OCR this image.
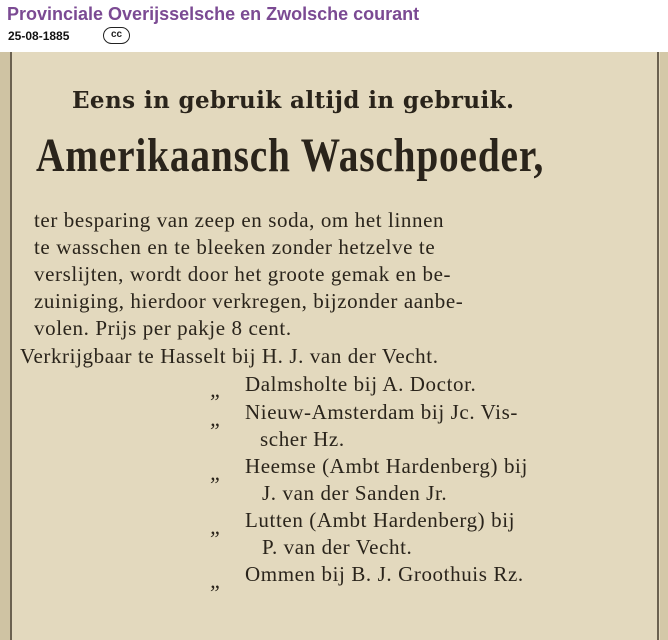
Provinciale Overijsselsche en Zwolsche courant
25-08-1885	cc
Eens in gebruik altijd in gebruik.
Amerikaansch Waschpoeder,
ter besparing van zeep en soda, om het linnen
te wasschen en te bleeken zonder hetzelve te
verslijten, wordt door het groote gemak en be-
zuiniging, hierdoor verkregen, bijzonder aanbe-
volen. Prijs per pakje 8 cent.
Verkrijgbaar te Hasselt bij H. J. van der Vecht.
„ Dalmsholte bij A. Doctor.
„ Nieuw-Amsterdam bij Jc. Vis-
scher Hz.
„ Heemse (Ambt Hardenberg) bij
J. van der Sanden Jr.
„ Lutten (Ambt Hardenberg) bij
P. van der Vecht.
„ Ommen bij B. J. Groothuis Rz.
